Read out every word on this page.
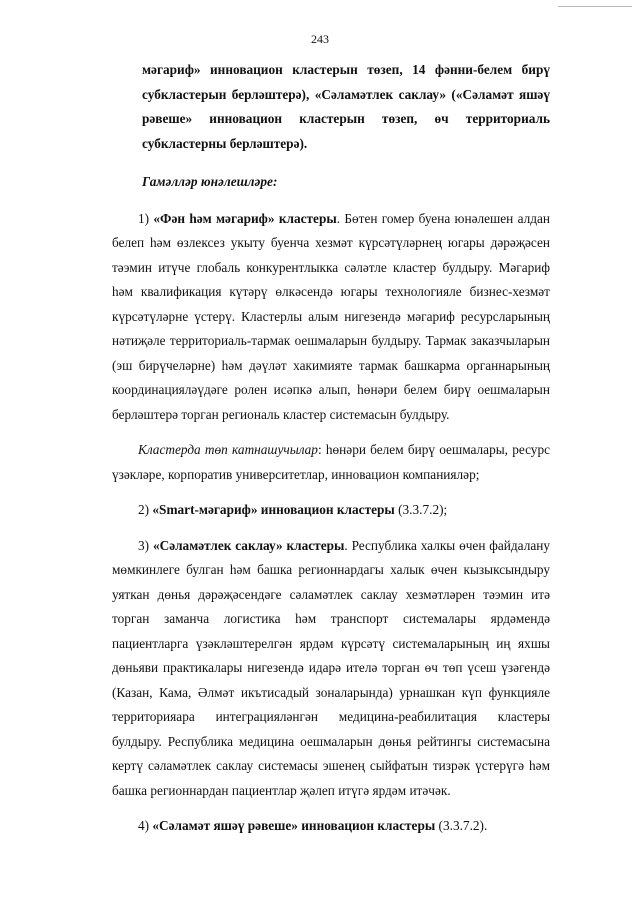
243

мәгариф» инновацион кластерын төзеп, 14 фәнни-белем бирү субкластерын берләштерә), «Сәламәтлек саклау» («Сәламәт яшәү рәвеше» инновацион кластерын төзеп, өч территориаль субкластерны берләштерә).

Гамәлләр юнәлешләре:

1) «Фән һәм мәгариф» кластеры. Бөтен гомер буена юнәлешен алдан белеп һәм өзлексез укыту буенча хезмәт күрсәтүләрнең югары дәрәҗәсен тәэмин итүче глобаль конкурентлыкка сәләтле кластер булдыру. Мәгариф һәм квалификация күтәрү өлкәсендә югары технологияле бизнес-хезмәт күрсәтүләрне үстерү. Кластерлы алым нигезендә мәгариф ресурсларының нәтиҗәле территориаль-тармак оешмаларын булдыру. Тармак заказчыларын (эш бирүчеләрне) һәм дәүләт хакимияте тармак башкарма органнарының координацияләүдәге ролен исәпкә алып, һөнәри белем бирү оешмаларын берләштерә торган региональ кластер системасын булдыру.

Кластерда төп катнашучылар: һөнәри белем бирү оешмалары, ресурс үзәкләре, корпоратив университетлар, инновацион компанияләр;

2) «Smart-мәгариф» инновацион кластеры (3.3.7.2);

3) «Сәламәтлек саклау» кластеры. Республика халкы өчен файдалану мөмкинлеге булган һәм башка регионнардагы халык өчен кызыксындыру уяткан дөнья дәрәҗәсендәге сәламәтлек саклау хезмәтләрен тәэмин итә торган заманча логистика һәм транспорт системалары ярдәмендә пациентларга үзәкләштерелгән ярдәм күрсәтү системаларының иң яхшы дөньяви практикалары нигезендә идарә ителә торган өч төп үсеш үзәгендә (Казан, Кама, Әлмәт икътисадый зоналарында) урнашкан күп функцияле территорияара интеграцияләнгән медицина-реабилитация кластеры булдыру. Республика медицина оешмаларын дөнья рейтингы системасына кертү сәламәтлек саклау системасы эшенең сыйфатын тизрәк үстерүгә һәм башка регионнардан пациентлар җәлеп итүгә ярдәм итәчәк.

4) «Сәламәт яшәү рәвеше» инновацион кластеры (3.3.7.2).
